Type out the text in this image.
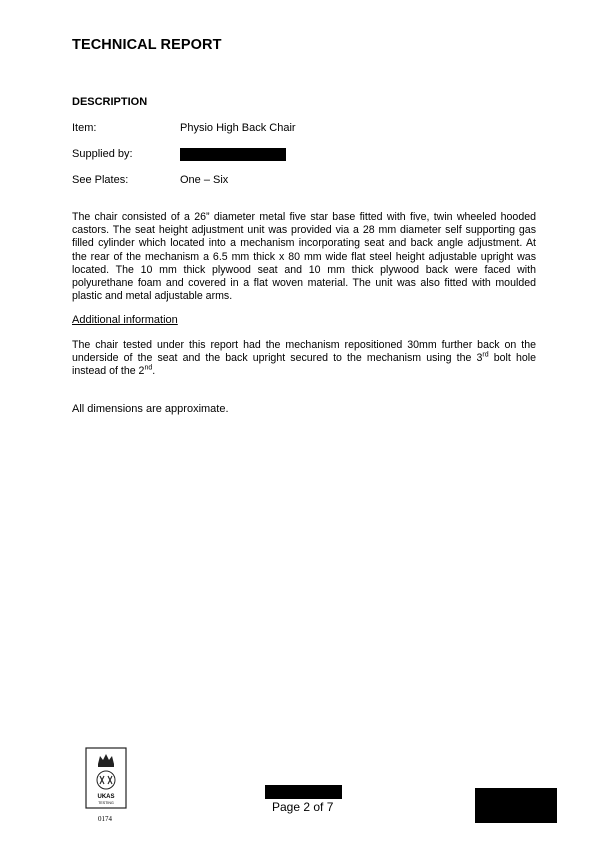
TECHNICAL REPORT
DESCRIPTION
Item:	Physio High Back Chair
Supplied by:
See Plates:	One – Six
The chair consisted of a 26” diameter metal five star base fitted with five, twin wheeled hooded castors. The seat height adjustment unit was provided via a 28 mm diameter self supporting gas filled cylinder which located into a mechanism incorporating seat and back angle adjustment. At the rear of the mechanism a 6.5 mm thick x 80 mm wide flat steel height adjustable upright was located. The 10 mm thick plywood seat and 10 mm thick plywood back were faced with polyurethane foam and covered in a flat woven material. The unit was also fitted with moulded plastic and metal adjustable arms.
Additional information
The chair tested under this report had the mechanism repositioned 30mm further back on the underside of the seat and the back upright secured to the mechanism using the 3rd bolt hole instead of the 2nd.
All dimensions are approximate.
UKAS
TESTING
0174
Page 2 of 7
